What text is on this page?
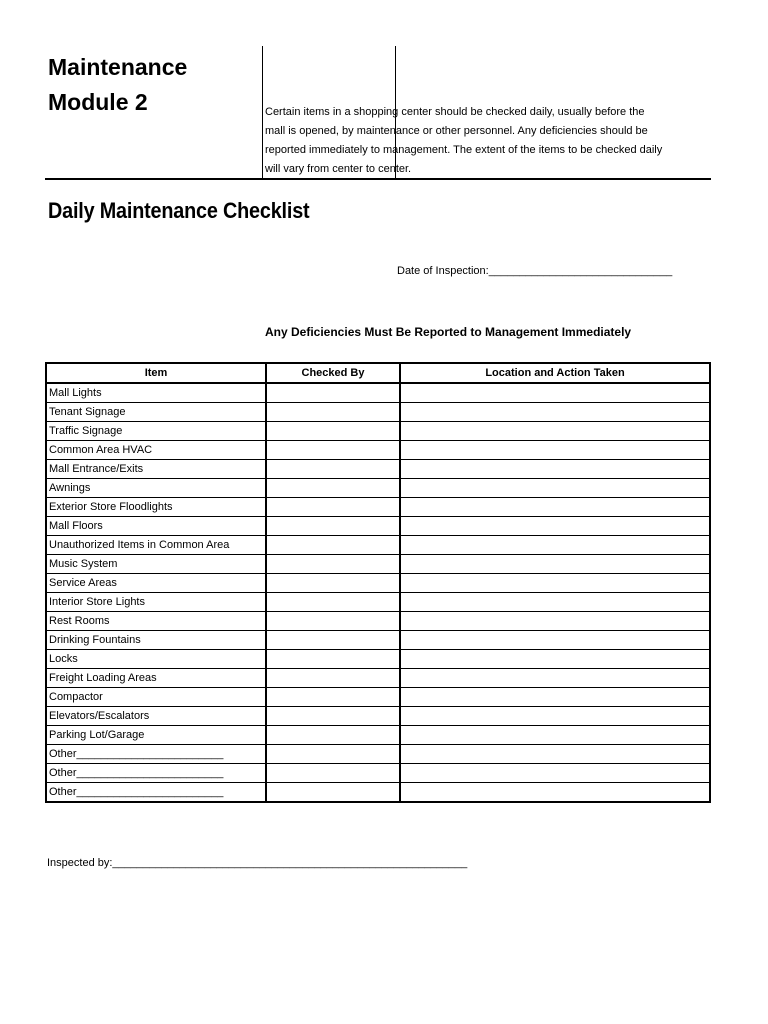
Maintenance
Module 2	Certain items in a shopping center should be checked daily, usually before the
mall is opened, by maintenance or other personnel. Any deficiencies should be
reported immediately to management. The extent of the items to be checked daily
will vary from center to center.

Daily Maintenance Checklist
Date of Inspection:______________________________
Any Deficiencies Must Be Reported to Management Immediately
Item	Checked By	Location and Action Taken
Mall Lights		
Tenant Signage		
Traffic Signage		
Common Area HVAC		
Mall Entrance/Exits		
Awnings		
Exterior Store Floodlights		
Mall Floors		
Unauthorized Items in Common Area		
Music System		
Service Areas		
Interior Store Lights		
Rest Rooms		
Drinking Fountains		
Locks		
Freight Loading Areas		
Compactor		
Elevators/Escalators		
Parking Lot/Garage		
Other________________________		
Other________________________		
Other________________________		
Inspected by:__________________________________________________________
